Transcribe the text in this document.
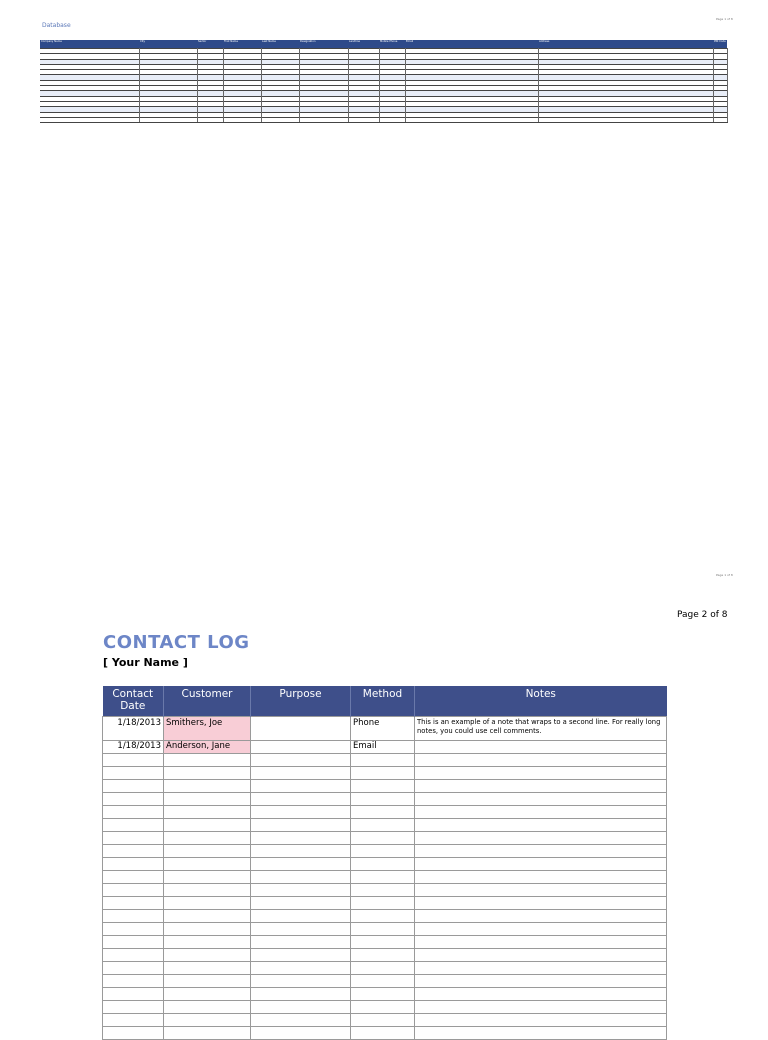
Database
Page 1 of 8
Company Name	City	Sector	First Name	Last Name	Designation	Landline	Mobile Phone	Email	Address	PIN Code

Page 1 of 8
Page 2 of 8
CONTACT LOG
[ Your Name ]
Contact Date	Customer	Purpose	Method	Notes
1/18/2013	Smithers, Joe		Phone	This is an example of a note that wraps to a second line. For really long notes, you could use cell comments.
1/18/2013	Anderson, Jane		Email	
